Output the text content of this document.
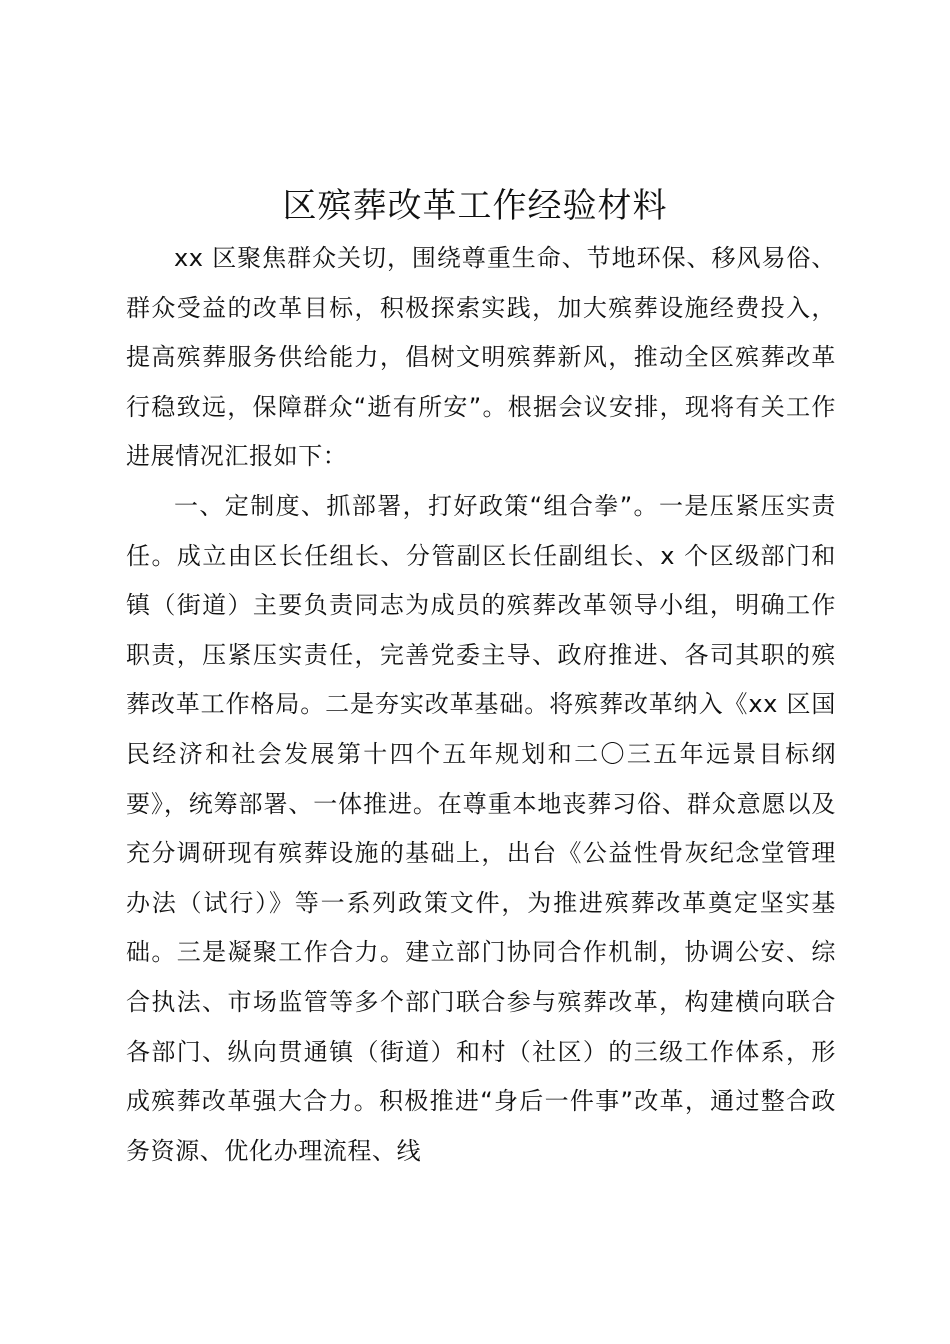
区殡葬改革工作经验材料

xx 区聚焦群众关切，围绕尊重生命、节地环保、移风易俗、群众受益的改革目标，积极探索实践，加大殡葬设施经费投入，提高殡葬服务供给能力，倡树文明殡葬新风，推动全区殡葬改革行稳致远，保障群众“逝有所安”。根据会议安排，现将有关工作进展情况汇报如下：

一、定制度、抓部署，打好政策“组合拳”。一是压紧压实责任。成立由区长任组长、分管副区长任副组长、x 个区级部门和镇（街道）主要负责同志为成员的殡葬改革领导小组，明确工作职责，压紧压实责任，完善党委主导、政府推进、各司其职的殡葬改革工作格局。二是夯实改革基础。将殡葬改革纳入《xx 区国民经济和社会发展第十四个五年规划和二〇三五年远景目标纲要》，统筹部署、一体推进。在尊重本地丧葬习俗、群众意愿以及充分调研现有殡葬设施的基础上，出台《公益性骨灰纪念堂管理办法（试行）》等一系列政策文件，为推进殡葬改革奠定坚实基础。三是凝聚工作合力。建立部门协同合作机制，协调公安、综合执法、市场监管等多个部门联合参与殡葬改革，构建横向联合各部门、纵向贯通镇（街道）和村（社区）的三级工作体系，形成殡葬改革强大合力。积极推进“身后一件事”改革，通过整合政务资源、优化办理流程、线
